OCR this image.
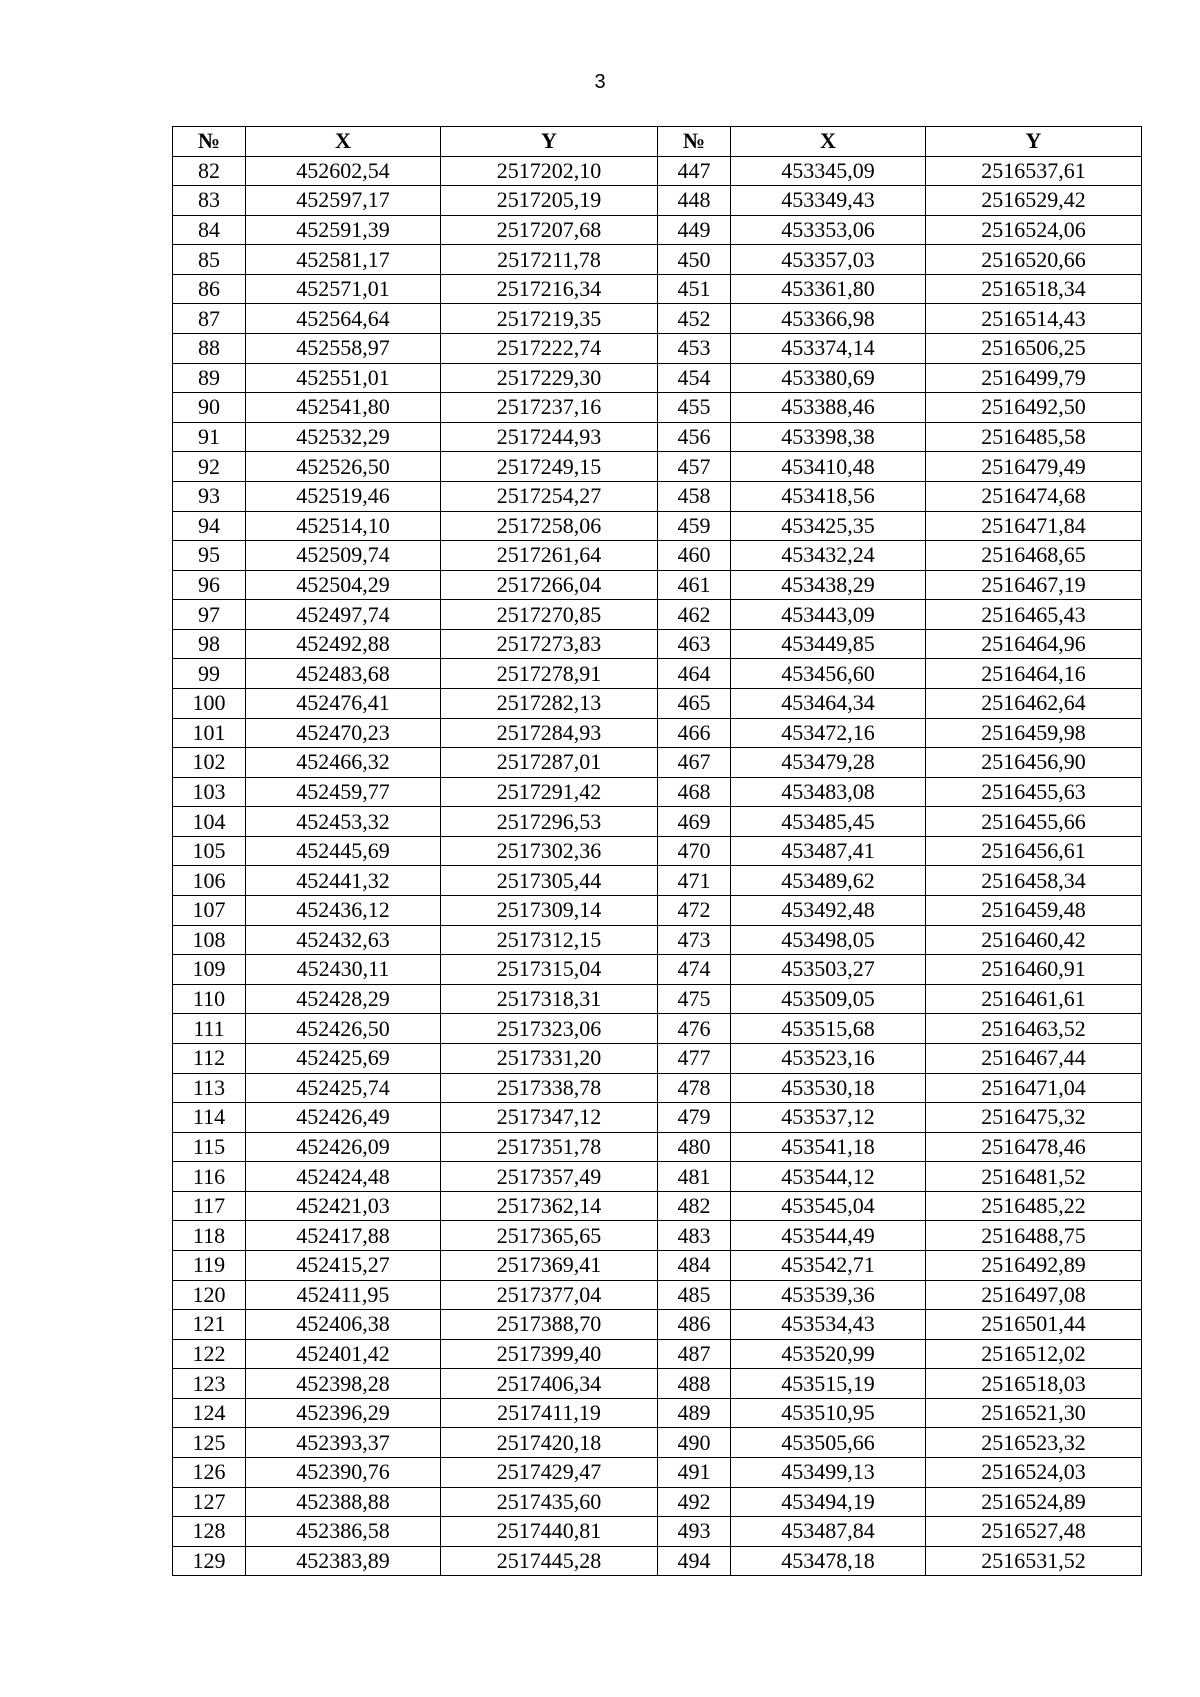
3
№	X	Y	№	X	Y
82	452602,54	2517202,10	447	453345,09	2516537,61
83	452597,17	2517205,19	448	453349,43	2516529,42
84	452591,39	2517207,68	449	453353,06	2516524,06
85	452581,17	2517211,78	450	453357,03	2516520,66
86	452571,01	2517216,34	451	453361,80	2516518,34
87	452564,64	2517219,35	452	453366,98	2516514,43
88	452558,97	2517222,74	453	453374,14	2516506,25
89	452551,01	2517229,30	454	453380,69	2516499,79
90	452541,80	2517237,16	455	453388,46	2516492,50
91	452532,29	2517244,93	456	453398,38	2516485,58
92	452526,50	2517249,15	457	453410,48	2516479,49
93	452519,46	2517254,27	458	453418,56	2516474,68
94	452514,10	2517258,06	459	453425,35	2516471,84
95	452509,74	2517261,64	460	453432,24	2516468,65
96	452504,29	2517266,04	461	453438,29	2516467,19
97	452497,74	2517270,85	462	453443,09	2516465,43
98	452492,88	2517273,83	463	453449,85	2516464,96
99	452483,68	2517278,91	464	453456,60	2516464,16
100	452476,41	2517282,13	465	453464,34	2516462,64
101	452470,23	2517284,93	466	453472,16	2516459,98
102	452466,32	2517287,01	467	453479,28	2516456,90
103	452459,77	2517291,42	468	453483,08	2516455,63
104	452453,32	2517296,53	469	453485,45	2516455,66
105	452445,69	2517302,36	470	453487,41	2516456,61
106	452441,32	2517305,44	471	453489,62	2516458,34
107	452436,12	2517309,14	472	453492,48	2516459,48
108	452432,63	2517312,15	473	453498,05	2516460,42
109	452430,11	2517315,04	474	453503,27	2516460,91
110	452428,29	2517318,31	475	453509,05	2516461,61
111	452426,50	2517323,06	476	453515,68	2516463,52
112	452425,69	2517331,20	477	453523,16	2516467,44
113	452425,74	2517338,78	478	453530,18	2516471,04
114	452426,49	2517347,12	479	453537,12	2516475,32
115	452426,09	2517351,78	480	453541,18	2516478,46
116	452424,48	2517357,49	481	453544,12	2516481,52
117	452421,03	2517362,14	482	453545,04	2516485,22
118	452417,88	2517365,65	483	453544,49	2516488,75
119	452415,27	2517369,41	484	453542,71	2516492,89
120	452411,95	2517377,04	485	453539,36	2516497,08
121	452406,38	2517388,70	486	453534,43	2516501,44
122	452401,42	2517399,40	487	453520,99	2516512,02
123	452398,28	2517406,34	488	453515,19	2516518,03
124	452396,29	2517411,19	489	453510,95	2516521,30
125	452393,37	2517420,18	490	453505,66	2516523,32
126	452390,76	2517429,47	491	453499,13	2516524,03
127	452388,88	2517435,60	492	453494,19	2516524,89
128	452386,58	2517440,81	493	453487,84	2516527,48
129	452383,89	2517445,28	494	453478,18	2516531,52
